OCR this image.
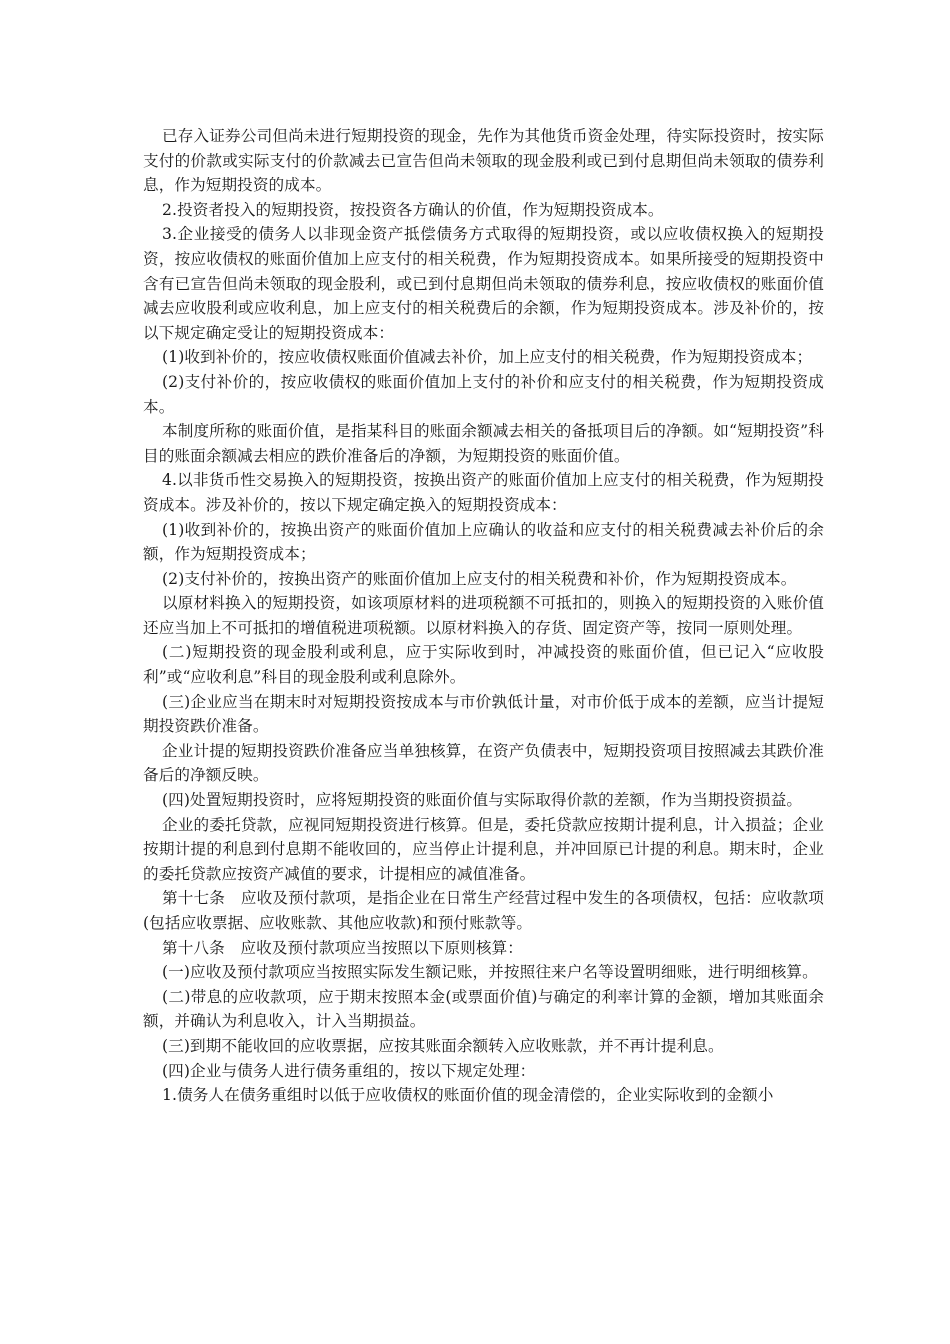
已存入证券公司但尚未进行短期投资的现金，先作为其他货币资金处理，待实际投资时，按实际支付的价款或实际支付的价款减去已宣告但尚未领取的现金股利或已到付息期但尚未领取的债券利息，作为短期投资的成本。

2.投资者投入的短期投资，按投资各方确认的价值，作为短期投资成本。

3.企业接受的债务人以非现金资产抵偿债务方式取得的短期投资，或以应收债权换入的短期投资，按应收债权的账面价值加上应支付的相关税费，作为短期投资成本。如果所接受的短期投资中含有已宣告但尚未领取的现金股利，或已到付息期但尚未领取的债券利息，按应收债权的账面价值减去应收股利或应收利息，加上应支付的相关税费后的余额，作为短期投资成本。涉及补价的，按以下规定确定受让的短期投资成本：

(1)收到补价的，按应收债权账面价值减去补价，加上应支付的相关税费，作为短期投资成本；

(2)支付补价的，按应收债权的账面价值加上支付的补价和应支付的相关税费，作为短期投资成本。

本制度所称的账面价值，是指某科目的账面余额减去相关的备抵项目后的净额。如“短期投资”科目的账面余额减去相应的跌价准备后的净额，为短期投资的账面价值。

4.以非货币性交易换入的短期投资，按换出资产的账面价值加上应支付的相关税费，作为短期投资成本。涉及补价的，按以下规定确定换入的短期投资成本：

(1)收到补价的，按换出资产的账面价值加上应确认的收益和应支付的相关税费减去补价后的余额，作为短期投资成本；

(2)支付补价的，按换出资产的账面价值加上应支付的相关税费和补价，作为短期投资成本。

以原材料换入的短期投资，如该项原材料的进项税额不可抵扣的，则换入的短期投资的入账价值还应当加上不可抵扣的增值税进项税额。以原材料换入的存货、固定资产等，按同一原则处理。

(二)短期投资的现金股利或利息，应于实际收到时，冲减投资的账面价值，但已记入“应收股利”或“应收利息”科目的现金股利或利息除外。

(三)企业应当在期末时对短期投资按成本与市价孰低计量，对市价低于成本的差额，应当计提短期投资跌价准备。

企业计提的短期投资跌价准备应当单独核算，在资产负债表中，短期投资项目按照减去其跌价准备后的净额反映。

(四)处置短期投资时，应将短期投资的账面价值与实际取得价款的差额，作为当期投资损益。

企业的委托贷款，应视同短期投资进行核算。但是，委托贷款应按期计提利息，计入损益；企业按期计提的利息到付息期不能收回的，应当停止计提利息，并冲回原已计提的利息。期末时，企业的委托贷款应按资产减值的要求，计提相应的减值准备。

第十七条　应收及预付款项，是指企业在日常生产经营过程中发生的各项债权，包括：应收款项(包括应收票据、应收账款、其他应收款)和预付账款等。

第十八条　应收及预付款项应当按照以下原则核算：

(一)应收及预付款项应当按照实际发生额记账，并按照往来户名等设置明细账，进行明细核算。

(二)带息的应收款项，应于期末按照本金(或票面价值)与确定的利率计算的金额，增加其账面余额，并确认为利息收入，计入当期损益。

(三)到期不能收回的应收票据，应按其账面余额转入应收账款，并不再计提利息。

(四)企业与债务人进行债务重组的，按以下规定处理：

1.债务人在债务重组时以低于应收债权的账面价值的现金清偿的，企业实际收到的金额小
